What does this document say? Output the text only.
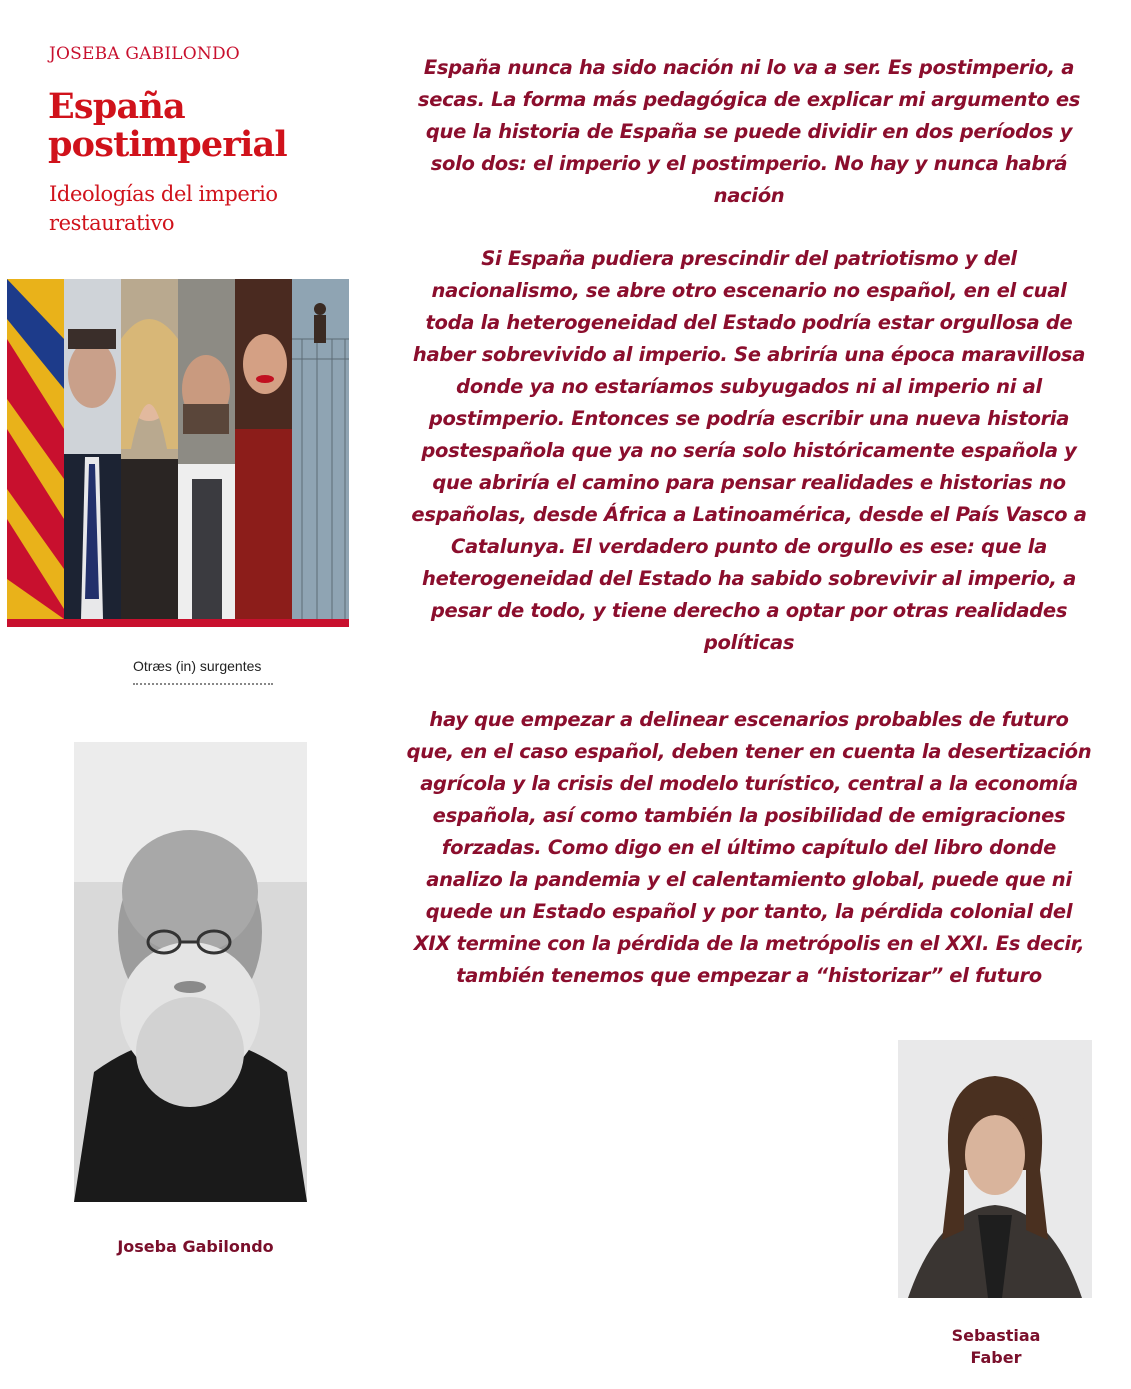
JOSEBA GABILONDO
España postimperial
Ideologías del imperio restaurativo
Otræs (in) surgentes
Joseba Gabilondo

España nunca ha sido nación ni lo va a ser. Es postimperio, a secas. La forma más pedagógica de explicar mi argumento es que la historia de España se puede dividir en dos períodos y solo dos: el imperio y el postimperio. No hay y nunca habrá nación

Si España pudiera prescindir del patriotismo y del nacionalismo, se abre otro escenario no español, en el cual toda la heterogeneidad del Estado podría estar orgullosa de haber sobrevivido al imperio. Se abriría una época maravillosa donde ya no estaríamos subyugados ni al imperio ni al postimperio. Entonces se podría escribir una nueva historia postespañola que ya no sería solo históricamente española y que abriría el camino para pensar realidades e historias no españolas, desde África a Latinoamérica, desde el País Vasco a Catalunya. El verdadero punto de orgullo es ese: que la heterogeneidad del Estado ha sabido sobrevivir al imperio, a pesar de todo, y tiene derecho a optar por otras realidades políticas

hay que empezar a delinear escenarios probables de futuro que, en el caso español, deben tener en cuenta la desertización agrícola y la crisis del modelo turístico, central a la economía española, así como también la posibilidad de emigraciones forzadas. Como digo en el último capítulo del libro donde analizo la pandemia y el calentamiento global, puede que ni quede un Estado español y por tanto, la pérdida colonial del XIX termine con la pérdida de la metrópolis en el XXI. Es decir, también tenemos que empezar a “historizar” el futuro

Sebastiaa
Faber
